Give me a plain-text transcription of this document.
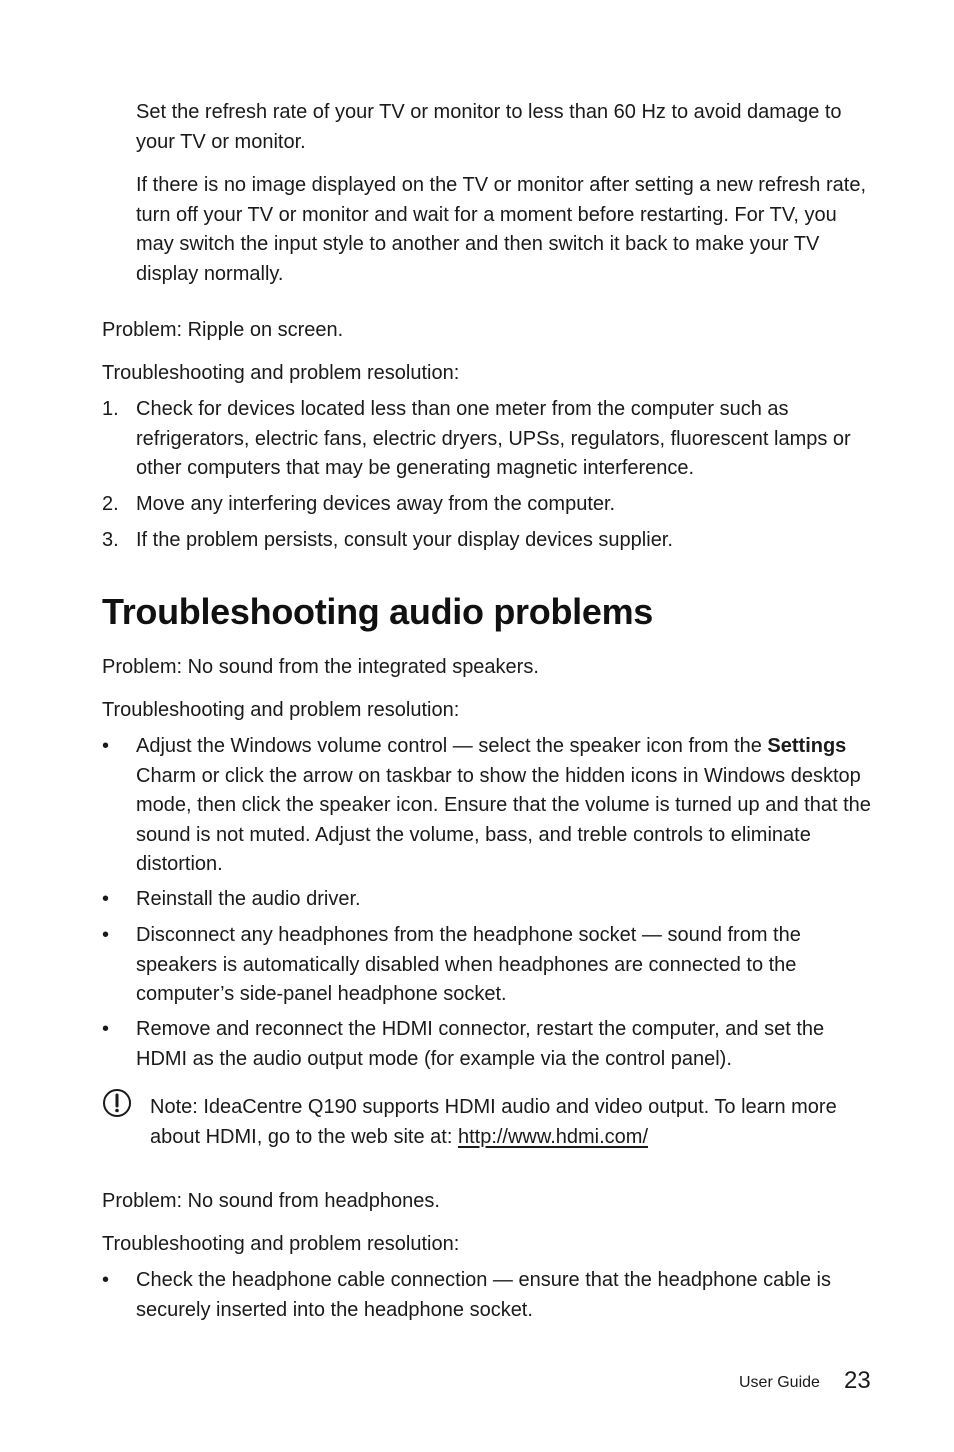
Set the refresh rate of your TV or monitor to less than 60 Hz to avoid damage to your TV or monitor.

If there is no image displayed on the TV or monitor after setting a new refresh rate, turn off your TV or monitor and wait for a moment before restarting. For TV, you may switch the input style to another and then switch it back to make your TV display normally.

Problem: Ripple on screen.

Troubleshooting and problem resolution:

1. Check for devices located less than one meter from the computer such as refrigerators, electric fans, electric dryers, UPSs, regulators, fluorescent lamps or other computers that may be generating magnetic interference.
2. Move any interfering devices away from the computer.
3. If the problem persists, consult your display devices supplier.
Troubleshooting audio problems

Problem: No sound from the integrated speakers.

Troubleshooting and problem resolution:

•	Adjust the Windows volume control — select the speaker icon from the Settings Charm or click the arrow on taskbar to show the hidden icons in Windows desktop mode, then click the speaker icon. Ensure that the volume is turned up and that the sound is not muted. Adjust the volume, bass, and treble controls to eliminate distortion.
•	Reinstall the audio driver.
•	Disconnect any headphones from the headphone socket — sound from the speakers is automatically disabled when headphones are connected to the computer’s side-panel headphone socket.
•	Remove and reconnect the HDMI connector, restart the computer, and set the HDMI as the audio output mode (for example via the control panel).

Note: IdeaCentre Q190 supports HDMI audio and video output. To learn more about HDMI, go to the web site at: http://www.hdmi.com/

Problem: No sound from headphones.

Troubleshooting and problem resolution:

•	Check the headphone cable connection — ensure that the headphone cable is securely inserted into the headphone socket.
User Guide 23
